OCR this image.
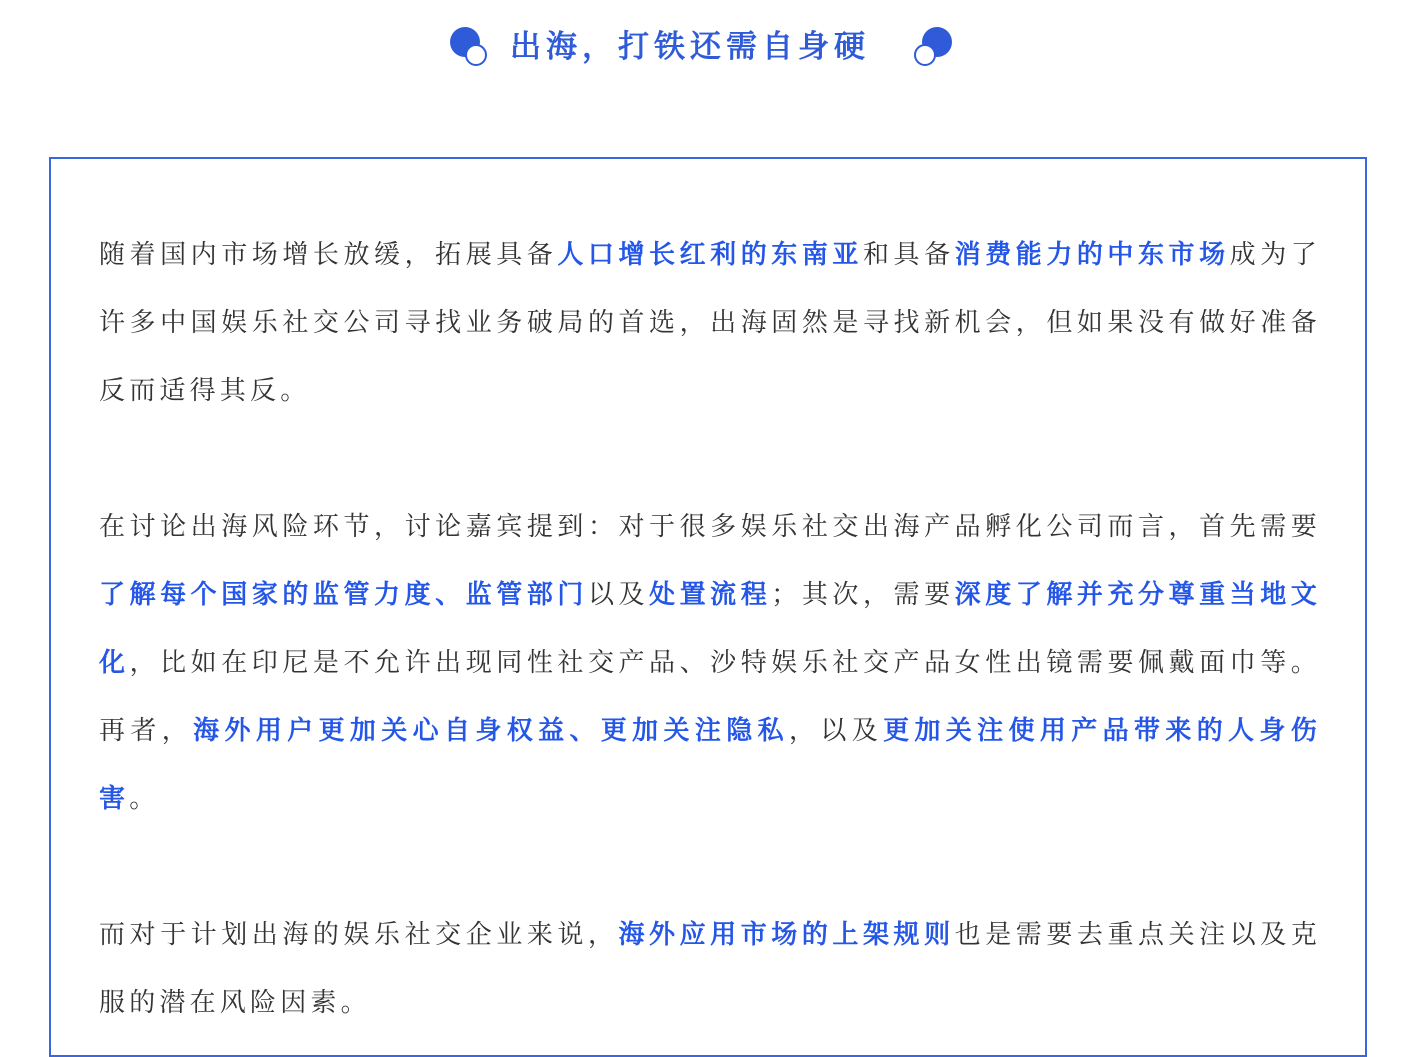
出海，打铁还需自身硬

随着国内市场增长放缓，拓展具备人口增长红利的东南亚和具备消费能力的中东市场成为了许多中国娱乐社交公司寻找业务破局的首选，出海固然是寻找新机会，但如果没有做好准备反而适得其反。

在讨论出海风险环节，讨论嘉宾提到：对于很多娱乐社交出海产品孵化公司而言，首先需要了解每个国家的监管力度、监管部门以及处置流程；其次，需要深度了解并充分尊重当地文化，比如在印尼是不允许出现同性社交产品、沙特娱乐社交产品女性出镜需要佩戴面巾等。再者，海外用户更加关心自身权益、更加关注隐私，以及更加关注使用产品带来的人身伤害。

而对于计划出海的娱乐社交企业来说，海外应用市场的上架规则也是需要去重点关注以及克服的潜在风险因素。
